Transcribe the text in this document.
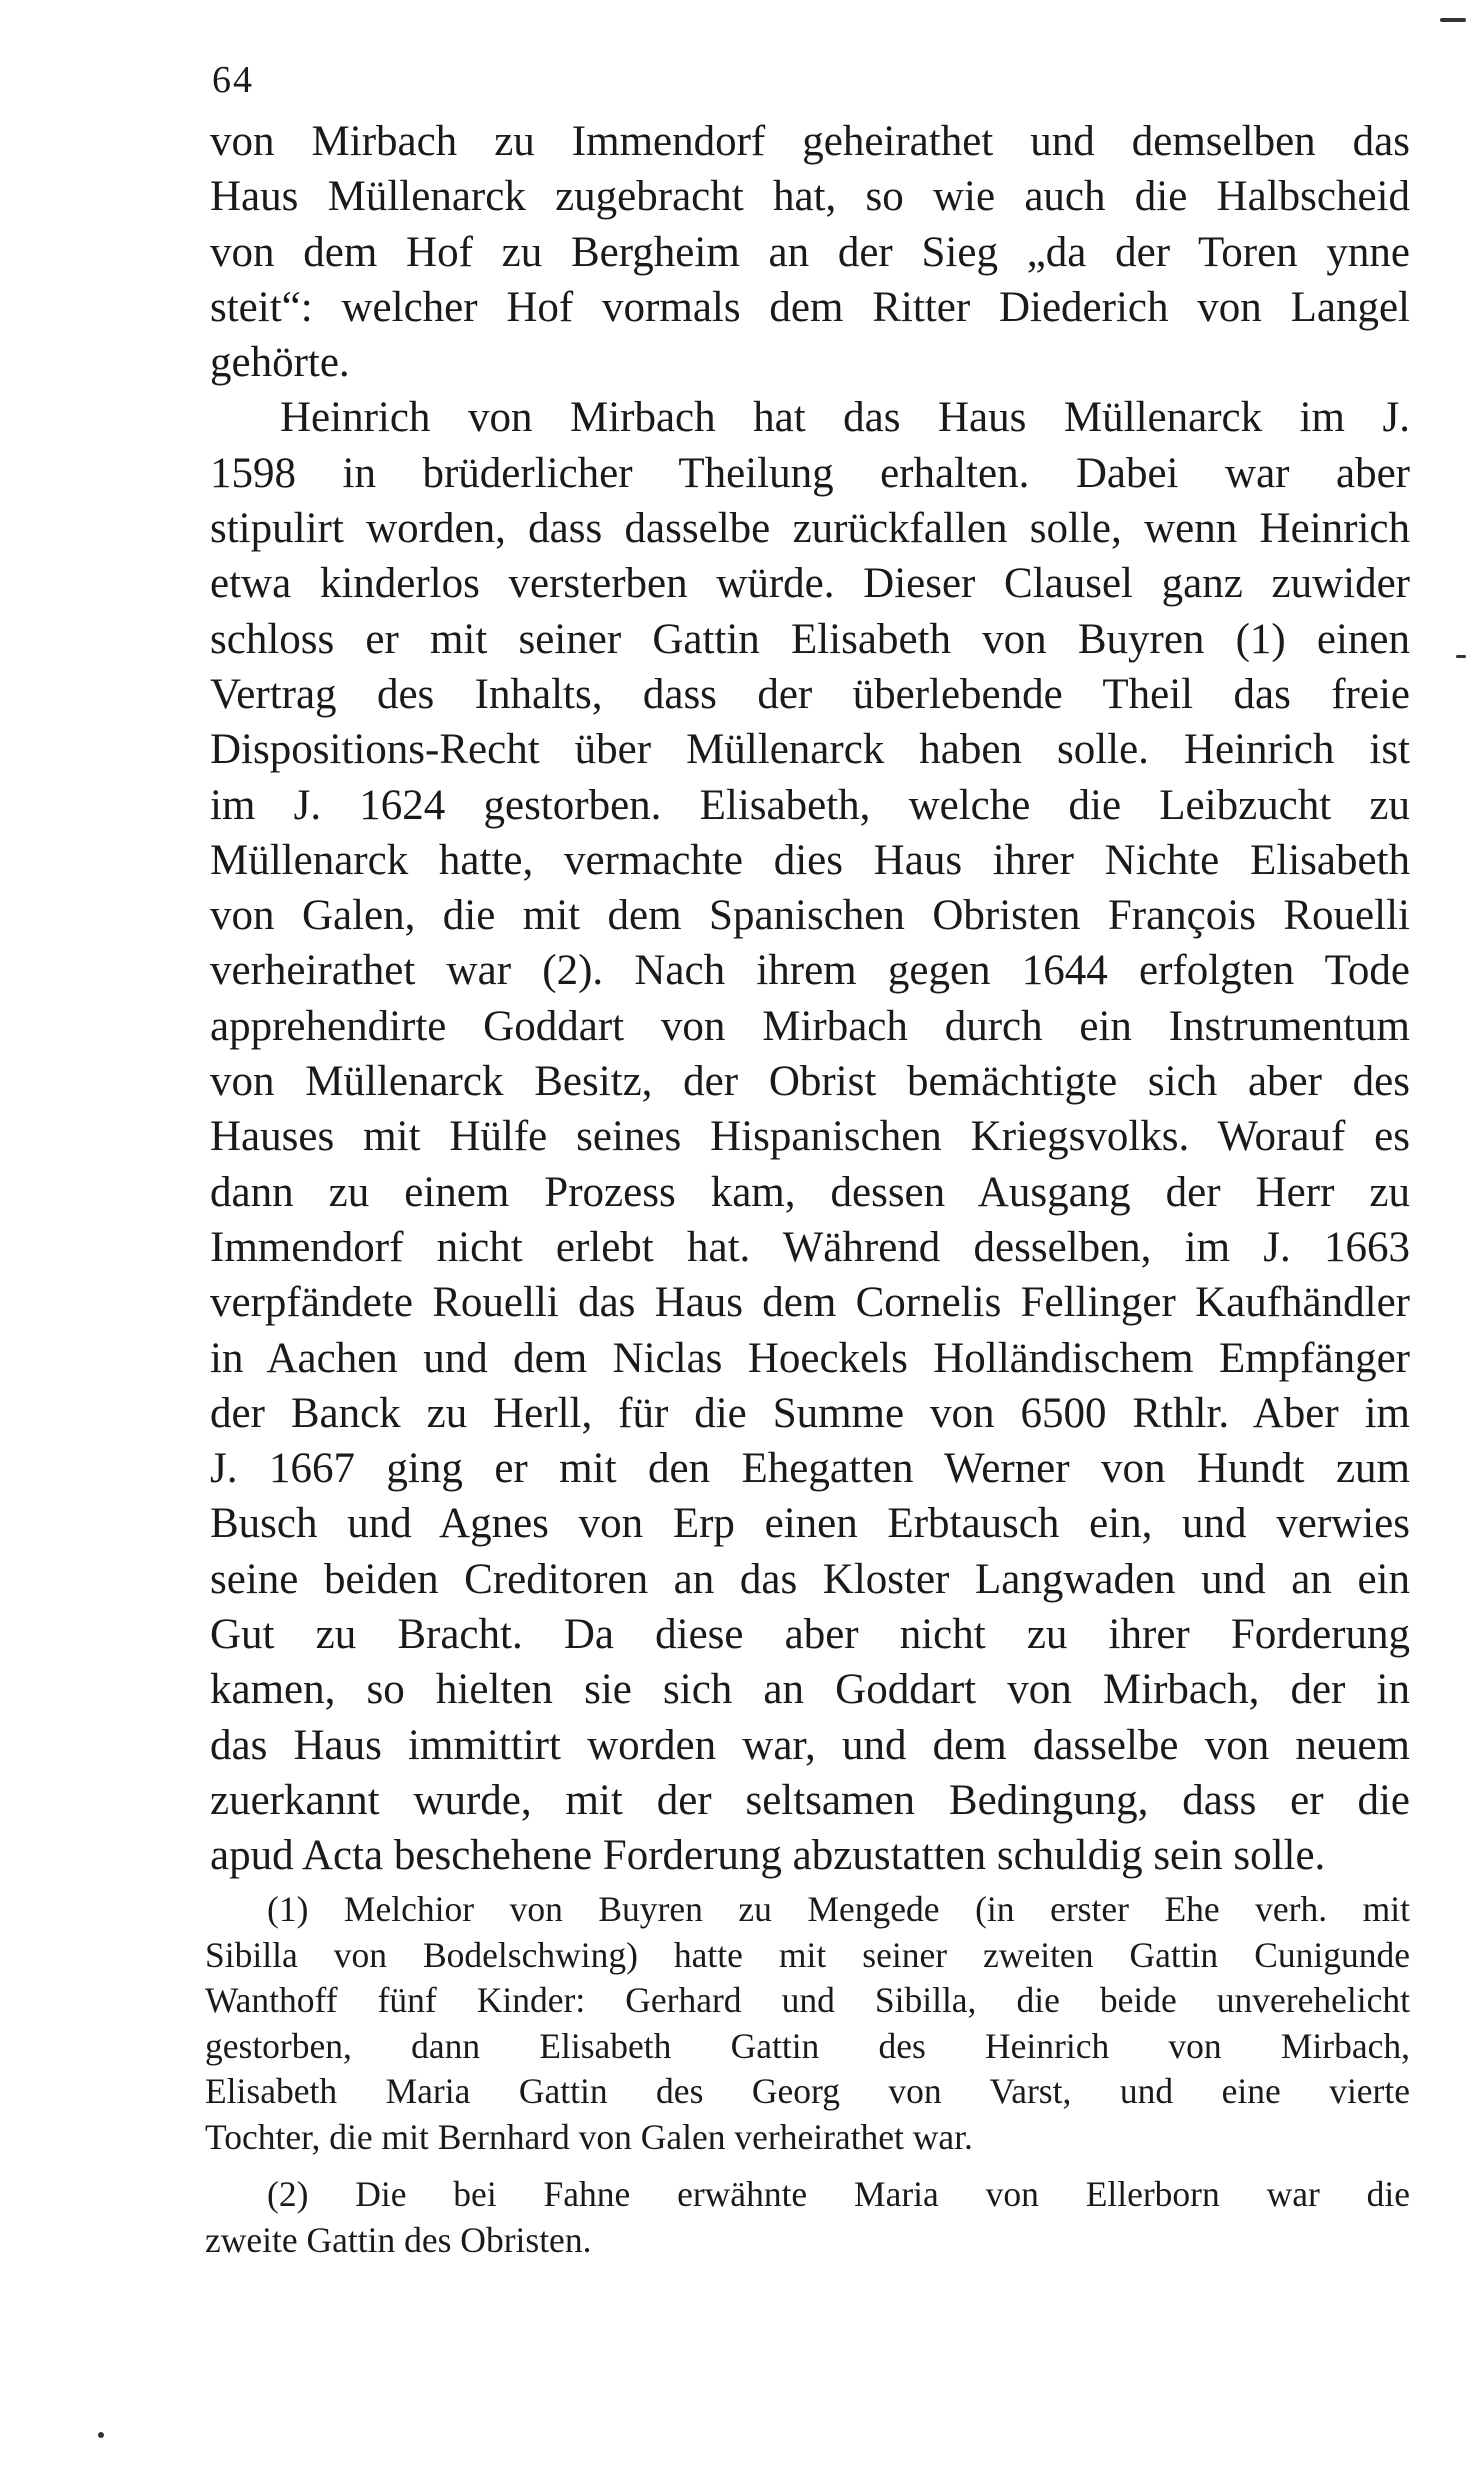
64
von Mirbach zu Immendorf geheirathet und demselben das
Haus Müllenarck zugebracht hat, so wie auch die Halbscheid
von dem Hof zu Bergheim an der Sieg „da der Toren ynne
steit“: welcher Hof vormals dem Ritter Diederich von Langel
gehörte.
Heinrich von Mirbach hat das Haus Müllenarck im J.
1598 in brüderlicher Theilung erhalten. Dabei war aber
stipulirt worden, dass dasselbe zurückfallen solle, wenn Heinrich
etwa kinderlos versterben würde. Dieser Clausel ganz zuwider
schloss er mit seiner Gattin Elisabeth von Buyren (1) einen
Vertrag des Inhalts, dass der überlebende Theil das freie
Dispositions-Recht über Müllenarck haben solle. Heinrich ist
im J. 1624 gestorben. Elisabeth, welche die Leibzucht zu
Müllenarck hatte, vermachte dies Haus ihrer Nichte Elisabeth
von Galen, die mit dem Spanischen Obristen François Rouelli
verheirathet war (2). Nach ihrem gegen 1644 erfolgten Tode
apprehendirte Goddart von Mirbach durch ein Instrumentum
von Müllenarck Besitz, der Obrist bemächtigte sich aber des
Hauses mit Hülfe seines Hispanischen Kriegsvolks. Worauf es
dann zu einem Prozess kam, dessen Ausgang der Herr zu
Immendorf nicht erlebt hat. Während desselben, im J. 1663
verpfändete Rouelli das Haus dem Cornelis Fellinger Kaufhändler
in Aachen und dem Niclas Hoeckels Holländischem Empfänger
der Banck zu Herll, für die Summe von 6500 Rthlr. Aber im
J. 1667 ging er mit den Ehegatten Werner von Hundt zum
Busch und Agnes von Erp einen Erbtausch ein, und verwies
seine beiden Creditoren an das Kloster Langwaden und an ein
Gut zu Bracht. Da diese aber nicht zu ihrer Forderung
kamen, so hielten sie sich an Goddart von Mirbach, der in
das Haus immittirt worden war, und dem dasselbe von neuem
zuerkannt wurde, mit der seltsamen Bedingung, dass er die
apud Acta beschehene Forderung abzustatten schuldig sein solle.
(1) Melchior von Buyren zu Mengede (in erster Ehe verh. mit
Sibilla von Bodelschwing) hatte mit seiner zweiten Gattin Cunigunde
Wanthoff fünf Kinder: Gerhard und Sibilla, die beide unverehelicht
gestorben, dann Elisabeth Gattin des Heinrich von Mirbach,
Elisabeth Maria Gattin des Georg von Varst, und eine vierte
Tochter, die mit Bernhard von Galen verheirathet war.
(2) Die bei Fahne erwähnte Maria von Ellerborn war die
zweite Gattin des Obristen.
